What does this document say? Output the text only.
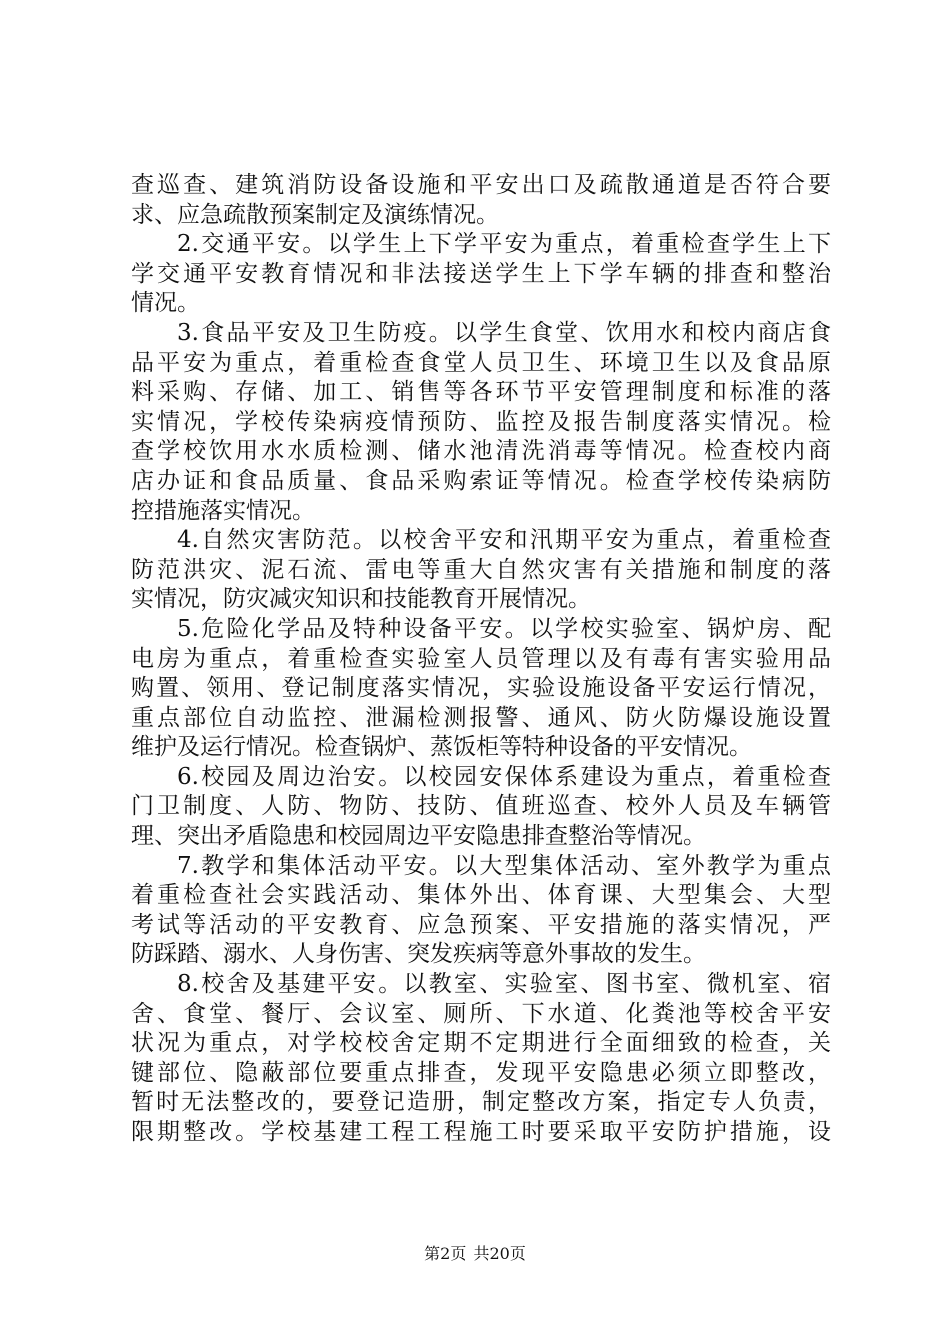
查巡查、建筑消防设备设施和平安出口及疏散通道是否符合要
求、应急疏散预案制定及演练情况。
2.交通平安。以学生上下学平安为重点，着重检查学生上下
学交通平安教育情况和非法接送学生上下学车辆的排查和整治
情况。
3.食品平安及卫生防疫。以学生食堂、饮用水和校内商店食
品平安为重点，着重检查食堂人员卫生、环境卫生以及食品原
料采购、存储、加工、销售等各环节平安管理制度和标准的落
实情况，学校传染病疫情预防、监控及报告制度落实情况。检
查学校饮用水水质检测、储水池清洗消毒等情况。检查校内商
店办证和食品质量、食品采购索证等情况。检查学校传染病防
控措施落实情况。
4.自然灾害防范。以校舍平安和汛期平安为重点，着重检查
防范洪灾、泥石流、雷电等重大自然灾害有关措施和制度的落
实情况，防灾减灾知识和技能教育开展情况。
5.危险化学品及特种设备平安。以学校实验室、锅炉房、配
电房为重点，着重检查实验室人员管理以及有毒有害实验用品
购置、领用、登记制度落实情况，实验设施设备平安运行情况，
重点部位自动监控、泄漏检测报警、通风、防火防爆设施设置
维护及运行情况。检查锅炉、蒸饭柜等特种设备的平安情况。
6.校园及周边治安。以校园安保体系建设为重点，着重检查
门卫制度、人防、物防、技防、值班巡查、校外人员及车辆管
理、突出矛盾隐患和校园周边平安隐患排查整治等情况。
7.教学和集体活动平安。以大型集体活动、室外教学为重点
着重检查社会实践活动、集体外出、体育课、大型集会、大型
考试等活动的平安教育、应急预案、平安措施的落实情况，严
防踩踏、溺水、人身伤害、突发疾病等意外事故的发生。
8.校舍及基建平安。以教室、实验室、图书室、微机室、宿
舍、食堂、餐厅、会议室、厕所、下水道、化粪池等校舍平安
状况为重点，对学校校舍定期不定期进行全面细致的检查，关
键部位、隐蔽部位要重点排查，发现平安隐患必须立即整改，
暂时无法整改的，要登记造册，制定整改方案，指定专人负责，
限期整改。学校基建工程工程施工时要采取平安防护措施，设
第2页 共20页
